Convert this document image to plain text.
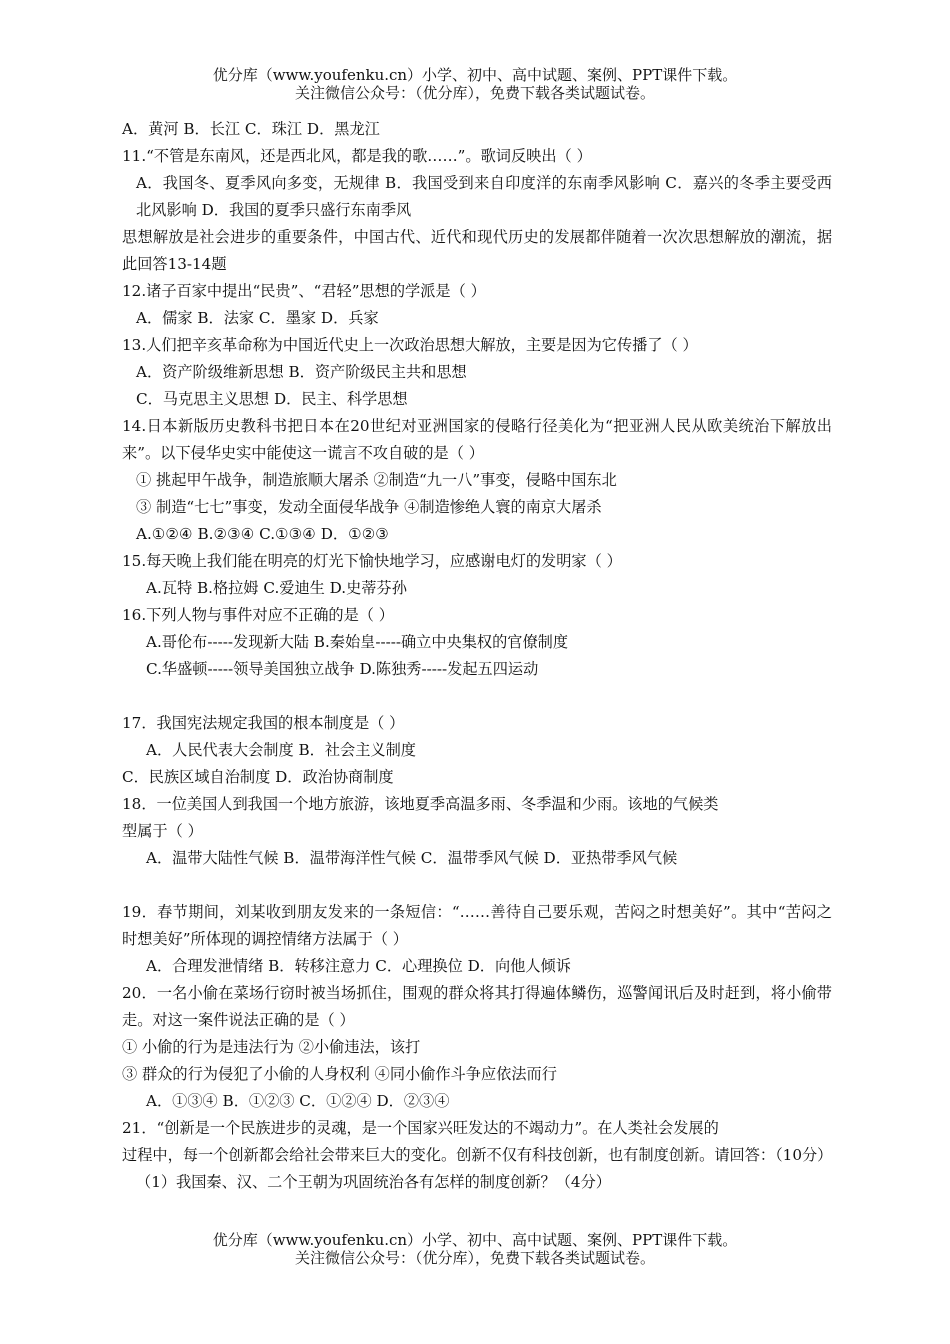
优分库（www.youfenku.cn）小学、初中、高中试题、案例、PPT课件下载。
关注微信公众号：（优分库），免费下载各类试题试卷。
A．黄河 B．长江 C．珠江 D．黑龙江
11.“不管是东南风，还是西北风，都是我的歌……”。歌词反映出（ ）
A．我国冬、夏季风向多变，无规律 B．我国受到来自印度洋的东南季风影响 C．嘉兴的冬季主要受西北风影响 D．我国的夏季只盛行东南季风
思想解放是社会进步的重要条件，中国古代、近代和现代历史的发展都伴随着一次次思想解放的潮流，据此回答13-14题
12.诸子百家中提出“民贵”、“君轻”思想的学派是（ ）
A．儒家 B．法家 C．墨家 D．兵家
13.人们把辛亥革命称为中国近代史上一次政治思想大解放，主要是因为它传播了（ ）
A．资产阶级维新思想 B．资产阶级民主共和思想
C．马克思主义思想 D．民主、科学思想
14.日本新版历史教科书把日本在20世纪对亚洲国家的侵略行径美化为“把亚洲人民从欧美统治下解放出来”。以下侵华史实中能使这一谎言不攻自破的是（ ）
① 挑起甲午战争，制造旅顺大屠杀 ②制造“九一八”事变，侵略中国东北
③ 制造“七七”事变，发动全面侵华战争 ④制造惨绝人寰的南京大屠杀
A.①②④ B.②③④ C.①③④ D．①②③
15.每天晚上我们能在明亮的灯光下愉快地学习，应感谢电灯的发明家（ ）
A.瓦特 B.格拉姆 C.爱迪生 D.史蒂芬孙
16.下列人物与事件对应不正确的是（ ）
A.哥伦布-----发现新大陆 B.秦始皇-----确立中央集权的官僚制度
C.华盛顿-----领导美国独立战争 D.陈独秀-----发起五四运动
17．我国宪法规定我国的根本制度是（ ）
A．人民代表大会制度 B．社会主义制度
C．民族区域自治制度 D．政治协商制度
18．一位美国人到我国一个地方旅游，该地夏季高温多雨、冬季温和少雨。该地的气候类
型属于（ ）
A．温带大陆性气候 B．温带海洋性气候 C．温带季风气候 D．亚热带季风气候
19．春节期间，刘某收到朋友发来的一条短信：“……善待自己要乐观，苦闷之时想美好”。其中“苦闷之时想美好”所体现的调控情绪方法属于（ ）
A．合理发泄情绪 B．转移注意力 C．心理换位 D．向他人倾诉
20．一名小偷在菜场行窃时被当场抓住，围观的群众将其打得遍体鳞伤，巡警闻讯后及时赶到，将小偷带走。对这一案件说法正确的是（ ）
① 小偷的行为是违法行为 ②小偷违法，该打
③ 群众的行为侵犯了小偷的人身权利 ④同小偷作斗争应依法而行
A．①③④ B．①②③ C．①②④ D．②③④
21．“创新是一个民族进步的灵魂，是一个国家兴旺发达的不竭动力”。在人类社会发展的
过程中，每一个创新都会给社会带来巨大的变化。创新不仅有科技创新，也有制度创新。请回答：（10分）
（1）我国秦、汉、二个王朝为巩固统治各有怎样的制度创新？（4分）
优分库（www.youfenku.cn）小学、初中、高中试题、案例、PPT课件下载。
关注微信公众号：（优分库），免费下载各类试题试卷。
